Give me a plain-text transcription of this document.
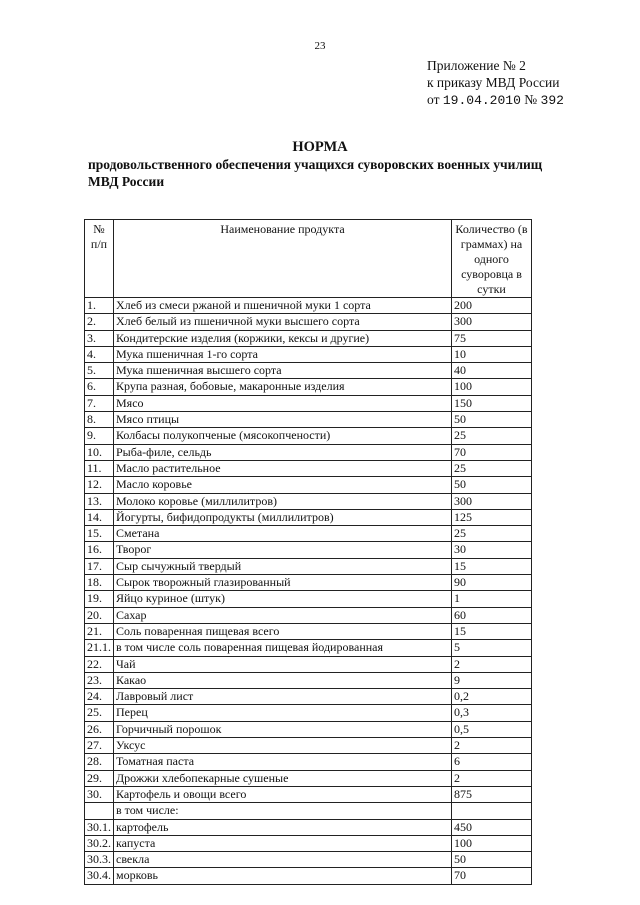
23
Приложение № 2
к приказу МВД России
от 19.04.2010 № 392
НОРМА
продовольственного обеспечения учащихся суворовских военных училищ
МВД России
№ п/п	Наименование продукта	Количество (в граммах) на одного суворовца в сутки
1.	Хлеб из смеси ржаной и пшеничной муки 1 сорта	200
2.	Хлеб белый из пшеничной муки высшего сорта	300
3.	Кондитерские изделия (коржики, кексы и другие)	75
4.	Мука пшеничная 1-го сорта	10
5.	Мука пшеничная высшего сорта	40
6.	Крупа разная, бобовые, макаронные изделия	100
7.	Мясо	150
8.	Мясо птицы	50
9.	Колбасы полукопченые (мясокопчености)	25
10.	Рыба-филе, сельдь	70
11.	Масло растительное	25
12.	Масло коровье	50
13.	Молоко коровье (миллилитров)	300
14.	Йогурты, бифидопродукты (миллилитров)	125
15.	Сметана	25
16.	Творог	30
17.	Сыр сычужный твердый	15
18.	Сырок творожный глазированный	90
19.	Яйцо куриное (штук)	1
20.	Сахар	60
21.	Соль поваренная пищевая всего	15
21.1.	в том числе соль поваренная пищевая йодированная	5
22.	Чай	2
23.	Какао	9
24.	Лавровый лист	0,2
25.	Перец	0,3
26.	Горчичный порошок	0,5
27.	Уксус	2
28.	Томатная паста	6
29.	Дрожжи хлебопекарные сушеные	2
30.	Картофель и овощи всего	875
	в том числе:	
30.1.	картофель	450
30.2.	капуста	100
30.3.	свекла	50
30.4.	морковь	70
